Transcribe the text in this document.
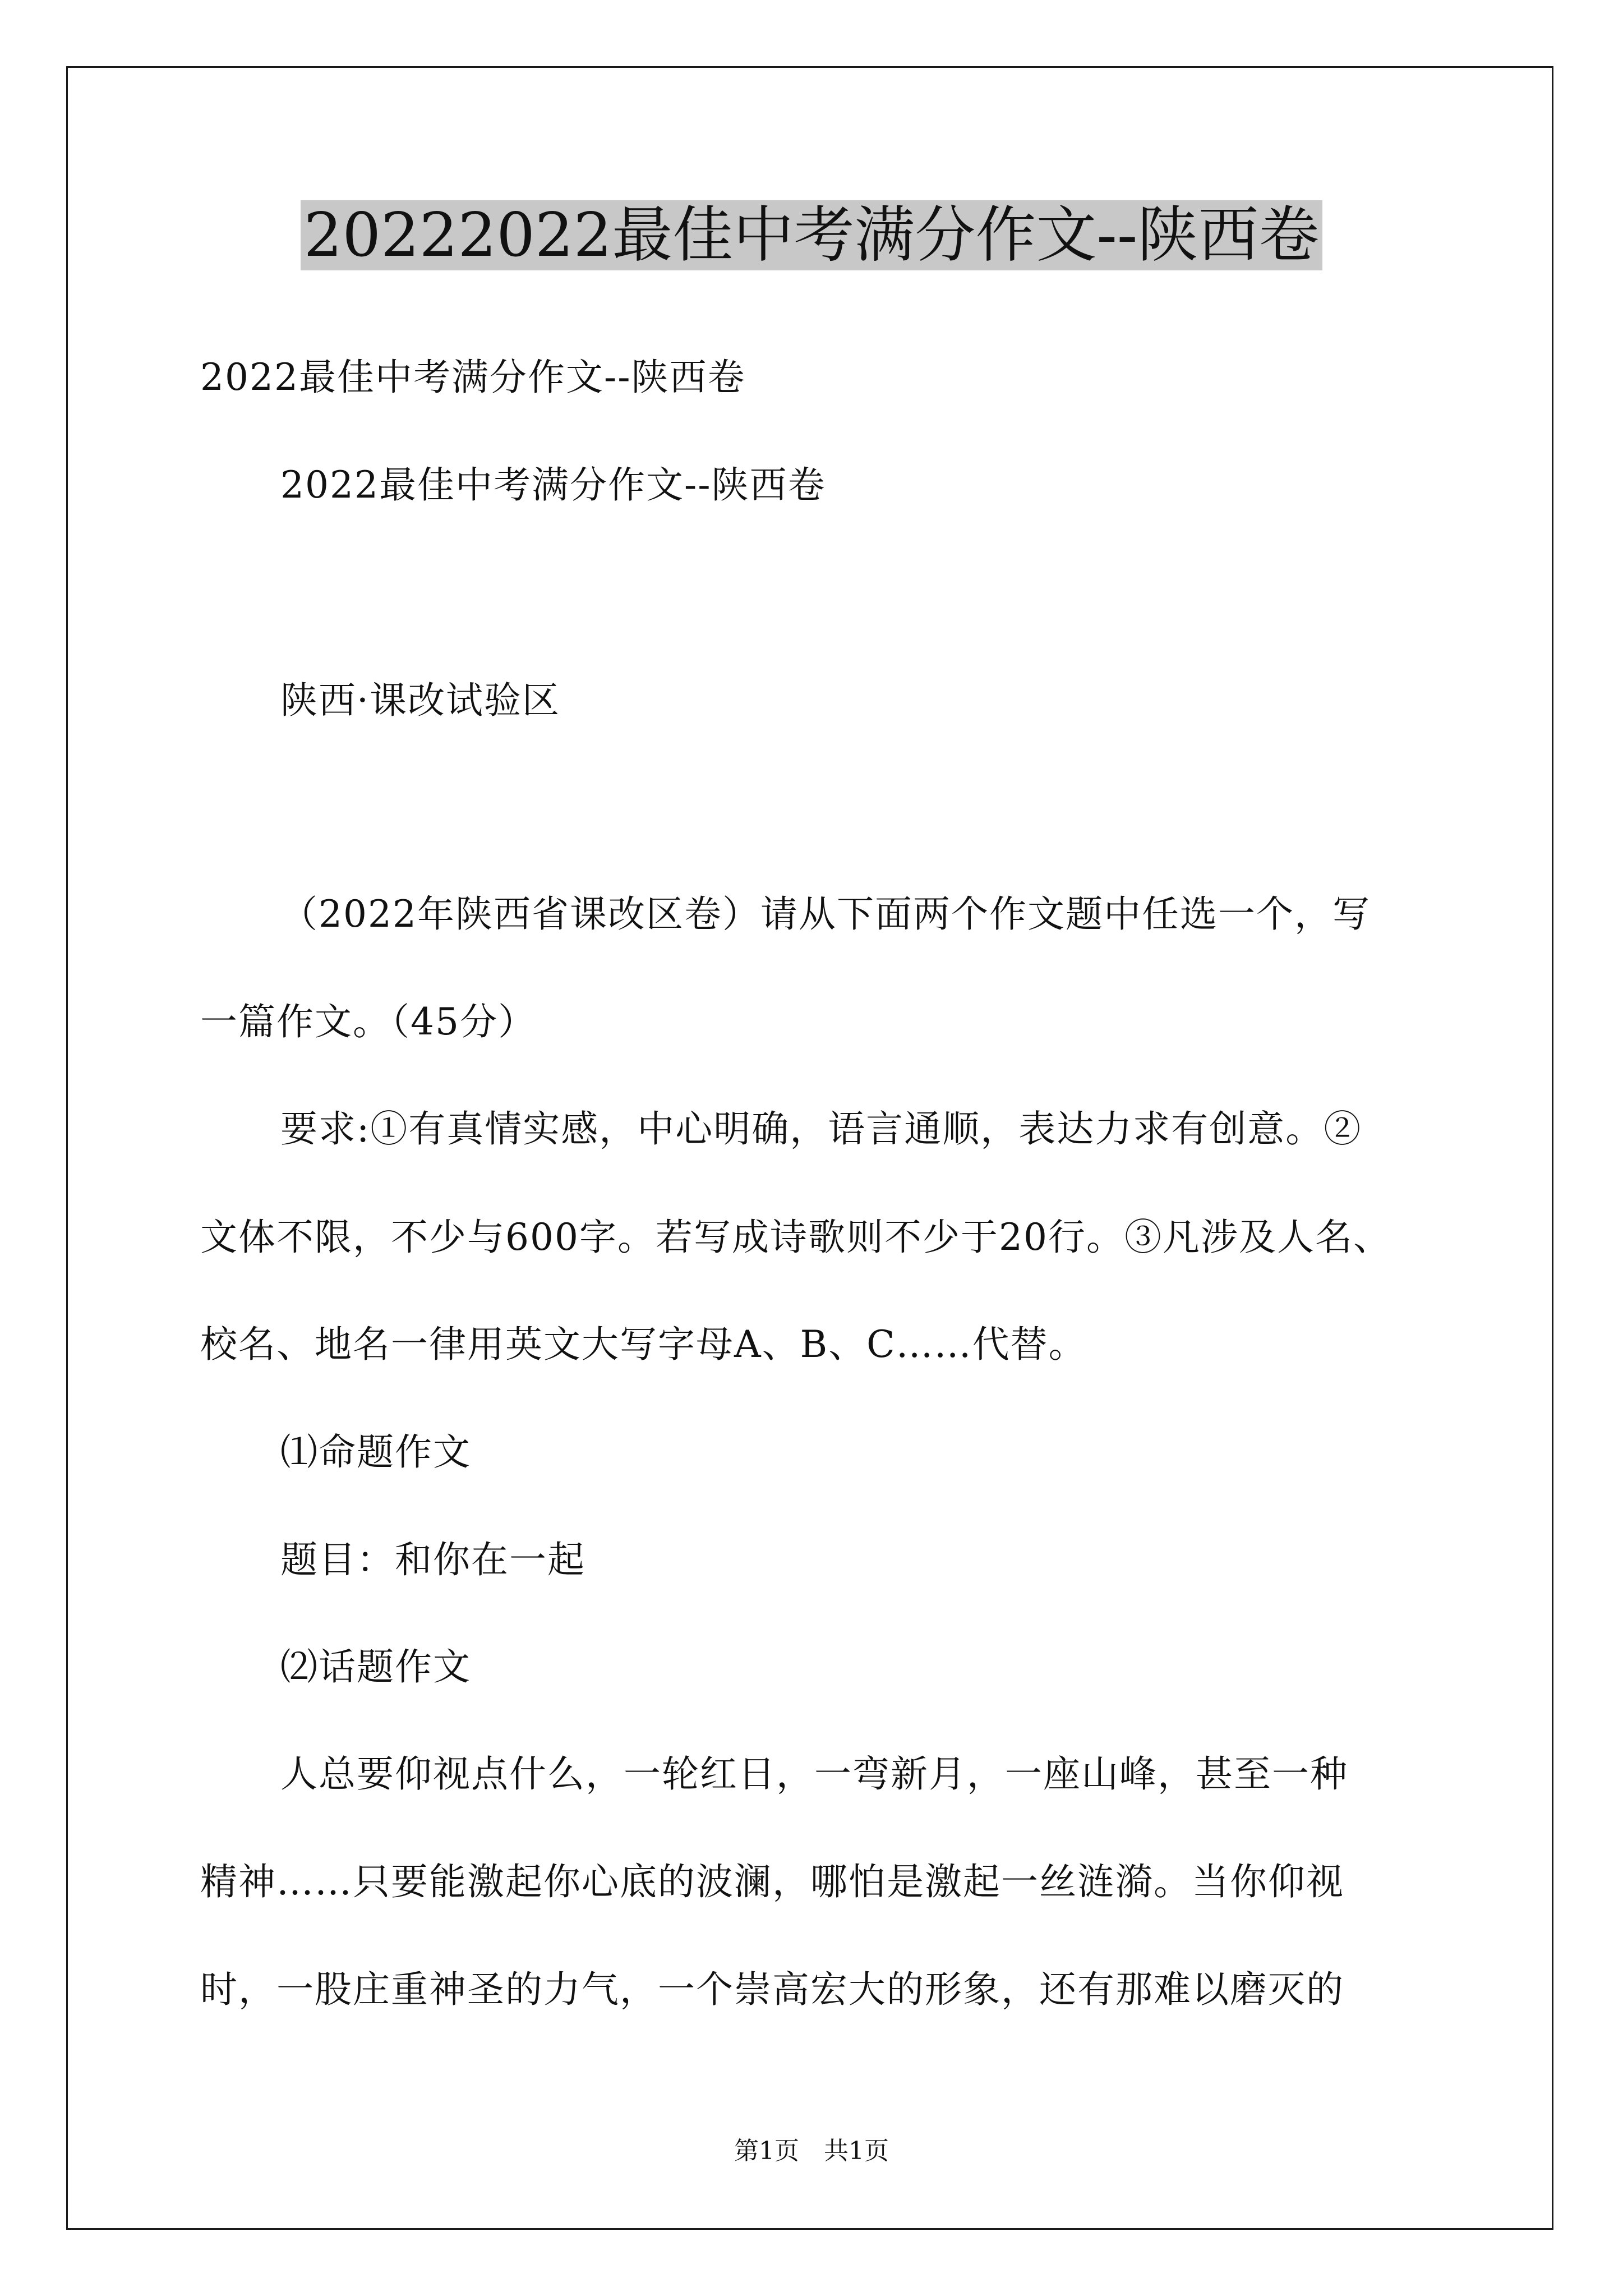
20222022最佳中考满分作文--陕西卷

2022最佳中考满分作文--陕西卷

2022最佳中考满分作文--陕西卷

陕西·课改试验区

（2022年陕西省课改区卷）请从下面两个作文题中任选一个，写

一篇作文。（45分）

要求:①有真情实感，中心明确，语言通顺，表达力求有创意。②

文体不限，不少与600字。若写成诗歌则不少于20行。③凡涉及人名、

校名、地名一律用英文大写字母A、B、C……代替。

⑴命题作文

题目：和你在一起

⑵话题作文

人总要仰视点什么，一轮红日，一弯新月，一座山峰，甚至一种

精神……只要能激起你心底的波澜，哪怕是激起一丝涟漪。当你仰视

时，一股庄重神圣的力气，一个崇高宏大的形象，还有那难以磨灭的

第1页　共1页
